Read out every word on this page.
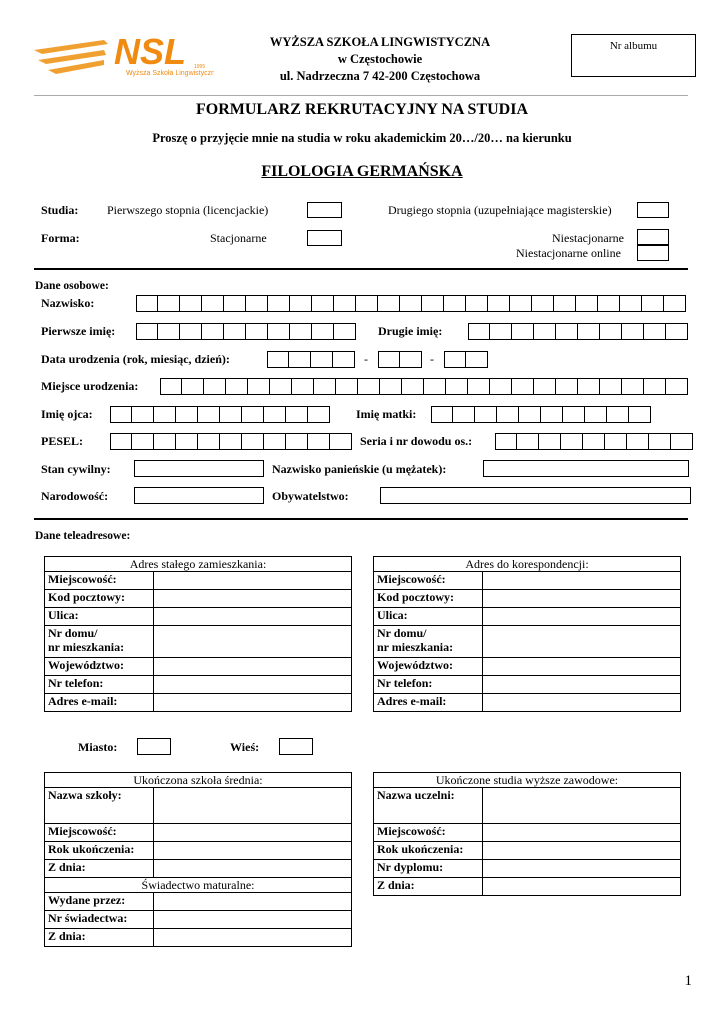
NSL
Wyższa Szkoła Lingwistyczna
1995
WYŻSZA SZKOŁA LINGWISTYCZNA
w Częstochowie
ul. Nadrzeczna 7 42-200 Częstochowa
Nr albumu
FORMULARZ REKRUTACYJNY NA STUDIA
Proszę o przyjęcie mnie na studia w roku akademickim 20…/20… na kierunku
FILOLOGIA GERMAŃSKA
Studia: Pierwszego stopnia (licencjackie)	Drugiego stopnia (uzupełniające magisterskie)
Forma:	Stacjonarne	Niestacjonarne
Niestacjonarne online
Dane osobowe:
Nazwisko:
Pierwsze imię:	Drugie imię:
Data urodzenia (rok, miesiąc, dzień):	-	-
Miejsce urodzenia:
Imię ojca:	Imię matki:
PESEL:	Seria i nr dowodu os.:
Stan cywilny:	Nazwisko panieńskie (u mężatek):
Narodowość:	Obywatelstwo:
Dane teleadresowe:
Adres stałego zamieszkania:	
Miejscowość:	
Kod pocztowy:	
Ulica:	
Nr domu/
nr mieszkania:	
Województwo:	
Nr telefon:	
Adres e-mail:	
Adres do korespondencji:	
Miejscowość:	
Kod pocztowy:	
Ulica:	
Nr domu/
nr mieszkania:	
Województwo:	
Nr telefon:	
Adres e-mail:	
Miasto:	Wieś:
Ukończona szkoła średnia:	
Nazwa szkoły:	
Miejscowość:	
Rok ukończenia:	
Z dnia:	
Świadectwo maturalne:	
Wydane przez:	
Nr świadectwa:	
Z dnia:	
Ukończone studia wyższe zawodowe:	
Nazwa uczelni:	
Miejscowość:	
Rok ukończenia:	
Nr dyplomu:	
Z dnia:	
1
